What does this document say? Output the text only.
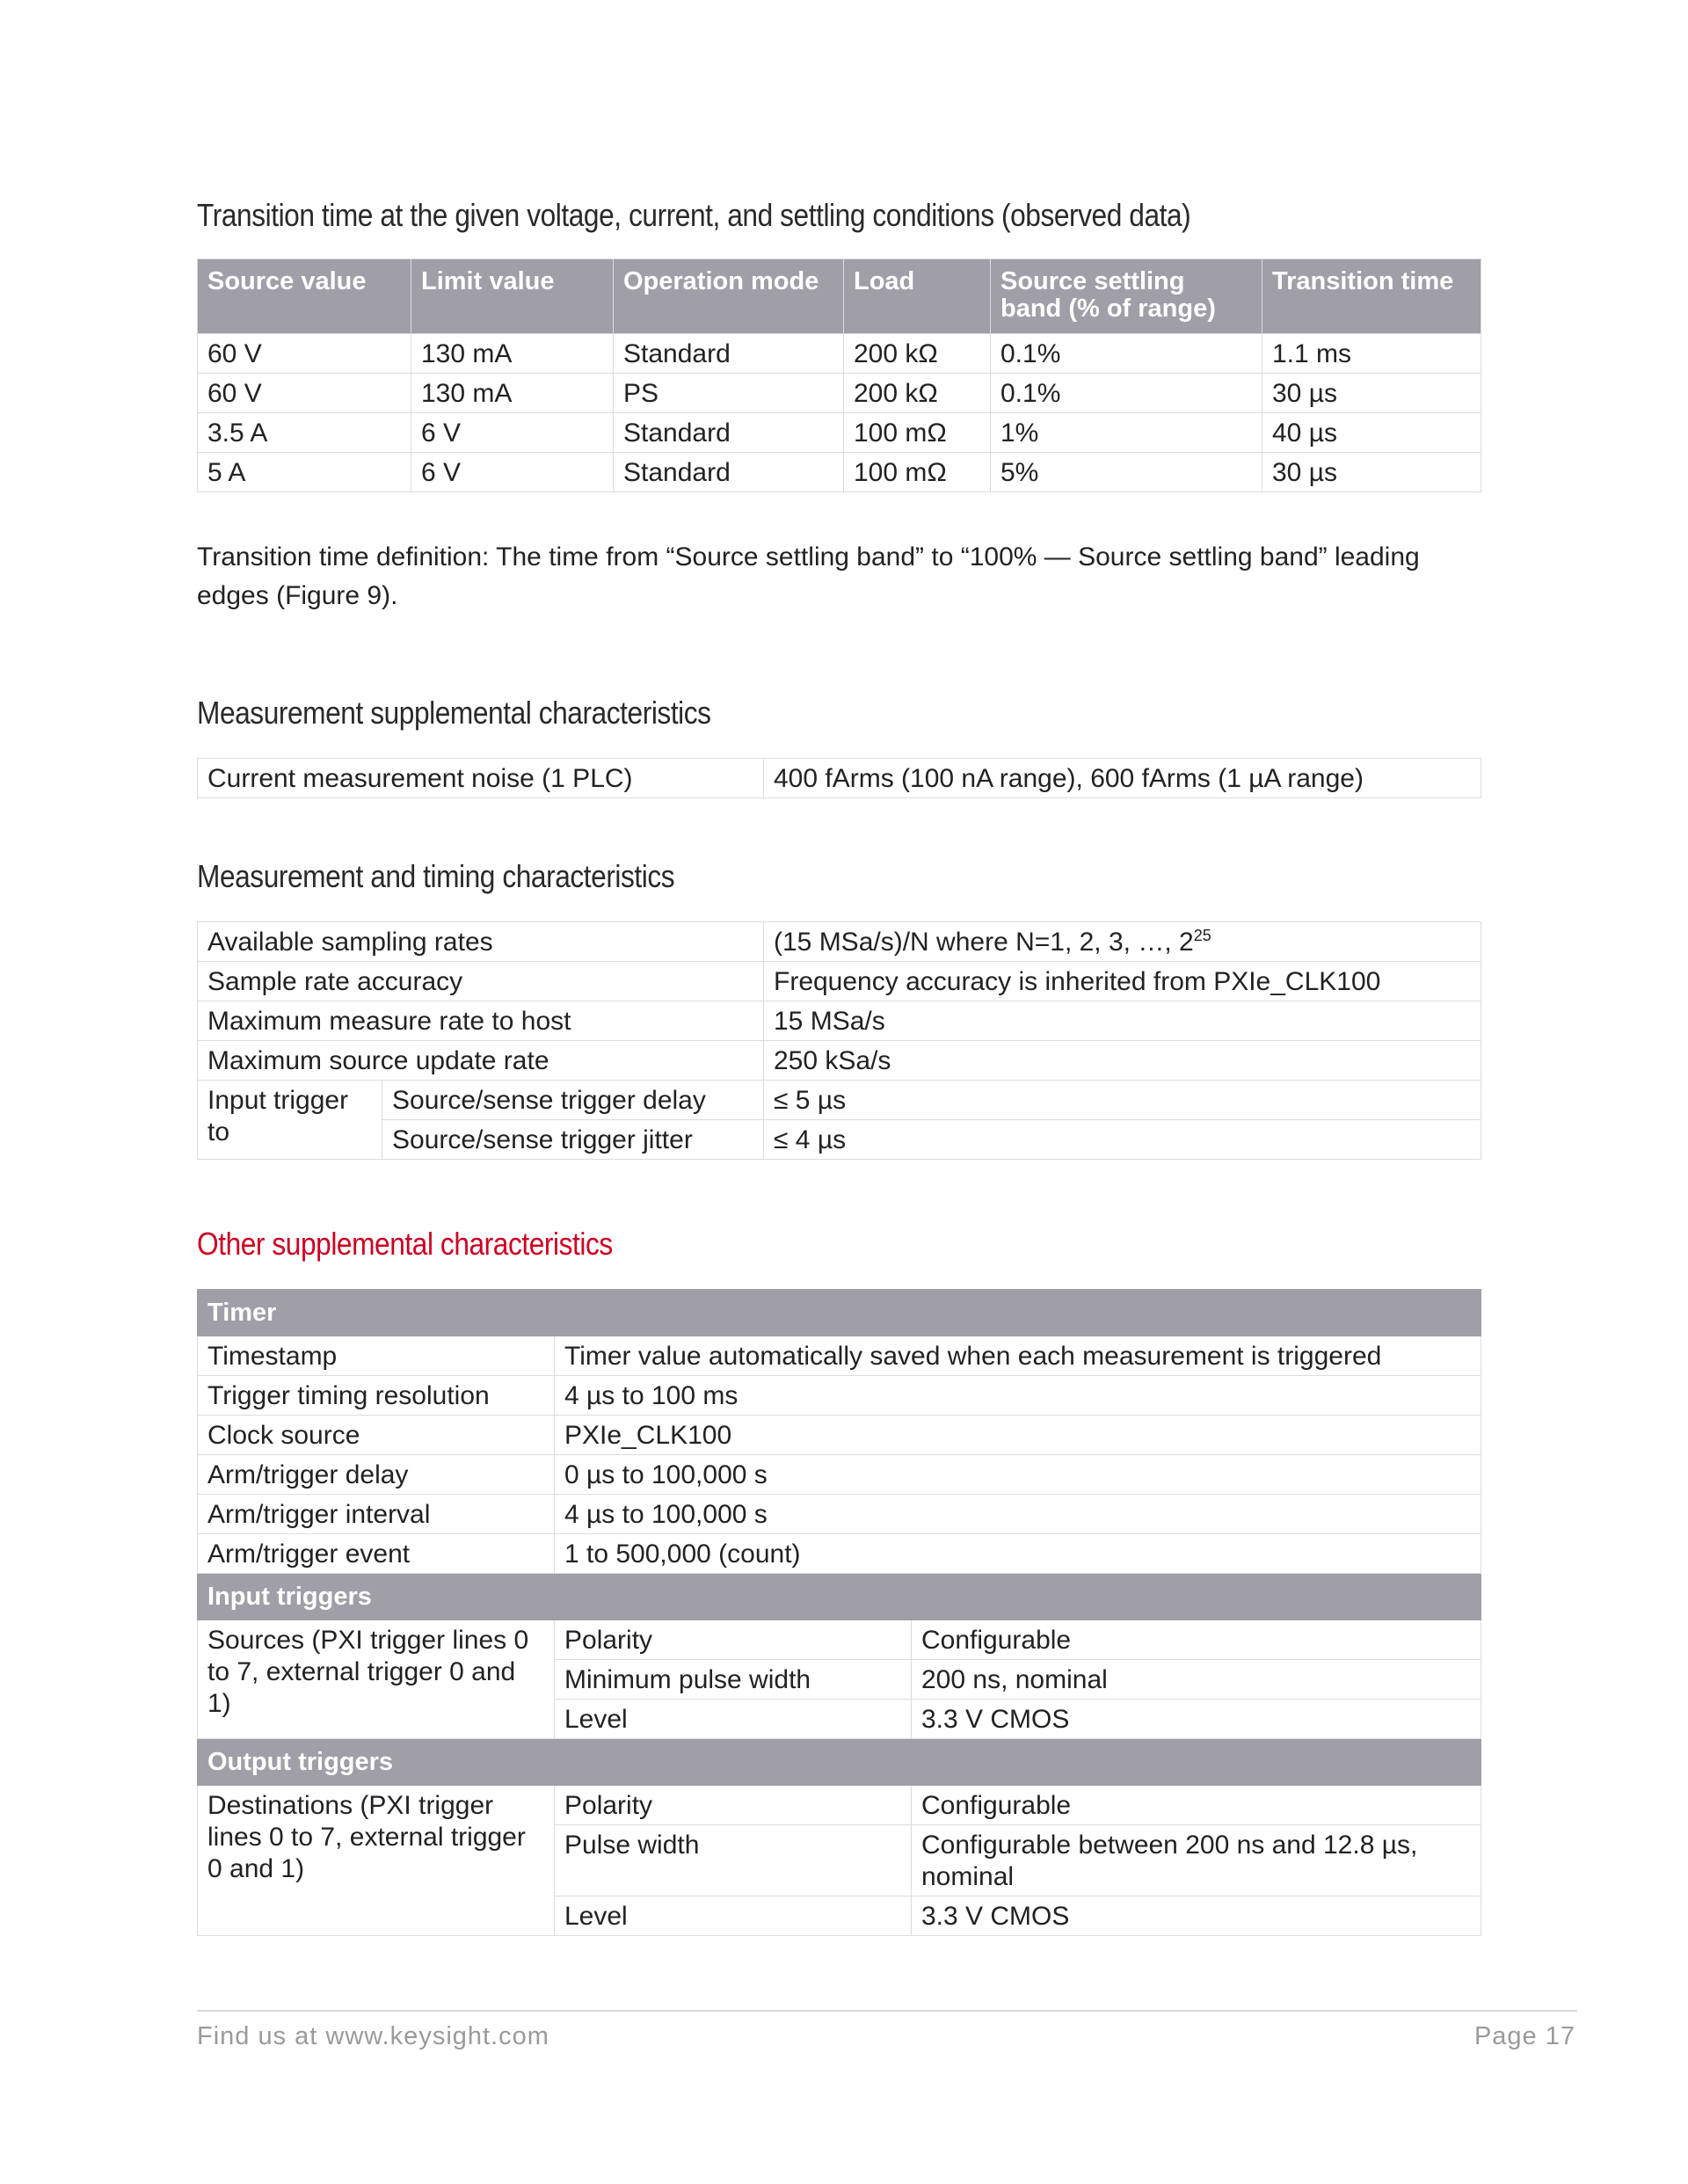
Transition time at the given voltage, current, and settling conditions (observed data)
Source value	Limit value	Operation mode	Load	Source settling band (% of range)	Transition time
60 V	130 mA	Standard	200 kΩ	0.1%	1.1 ms
60 V	130 mA	PS	200 kΩ	0.1%	30 µs
3.5 A	6 V	Standard	100 mΩ	1%	40 µs
5 A	6 V	Standard	100 mΩ	5%	30 µs

Transition time definition: The time from “Source settling band” to “100% — Source settling band” leading edges (Figure 9).

Measurement supplemental characteristics
Current measurement noise (1 PLC)	400 fArms (100 nA range), 600 fArms (1 µA range)
Measurement and timing characteristics
Available sampling rates		(15 MSa/s)/N where N=1, 2, 3, …, $2^{25}$
Sample rate accuracy		Frequency accuracy is inherited from PXIe_CLK100
Maximum measure rate to host		15 MSa/s
Maximum source update rate		250 kSa/s
Input trigger to	Source/sense trigger delay	≤ 5 µs
	Source/sense trigger jitter	≤ 4 µs
Other supplemental characteristics
Timer		
Timestamp	Timer value automatically saved when each measurement is triggered	
Trigger timing resolution	4 µs to 100 ms	
Clock source	PXIe_CLK100	
Arm/trigger delay	0 µs to 100,000 s	
Arm/trigger interval	4 µs to 100,000 s	
Arm/trigger event	1 to 500,000 (count)	
Input triggers		
Sources (PXI trigger lines 0 to 7, external trigger 0 and 1)	Polarity	Configurable
	Minimum pulse width	200 ns, nominal
	Level	3.3 V CMOS
Output triggers		
Destinations (PXI trigger lines 0 to 7, external trigger 0 and 1)	Polarity	Configurable
	Pulse width	Configurable between 200 ns and 12.8 µs, nominal
	Level	3.3 V CMOS
Find us at www.keysight.com	Page 17
